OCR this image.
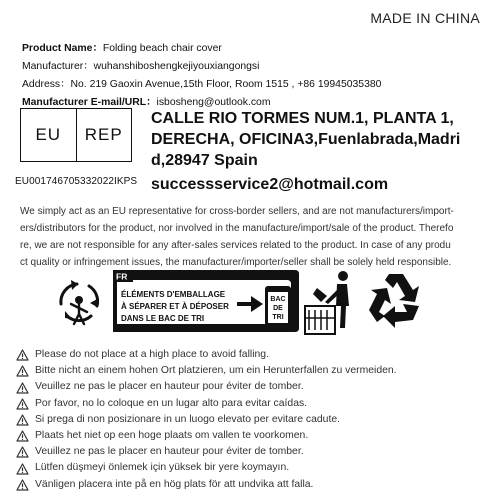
MADE IN CHINA
Product Name：Folding beach chair cover
Manufacturer：wuhanshiboshengkejiyouxiangongsi
Address：No. 219 Gaoxin Avenue,15th Floor, Room 1515 , +86 19945035380
Manufacturer E-mail/URL：isbosheng@outlook.com
EU	REP
EU001746705332022IKPS
CALLE RIO TORMES NUM.1, PLANTA 1,
DERECHA, OFICINA3,Fuenlabrada,Madri
d,28947 Spain
successservice2@hotmail.com
We simply act as an EU representative for cross-border sellers, and are not manufacturers/import-
ers/distributors for the product, nor involved in the manufacture/import/sale of the product. Therefo
re, we are not responsible for any after-sales services related to the product. In case of any produ
ct quality or infringement issues, the manufacturer/importer/seller shall be solely held responsible.
FR
ÉLÉMENTS D'EMBALLAGE
À SÉPARER ET À DÉPOSER
DANS LE BAC DE TRI
BAC
DE
TRI
Please do not place at a high place to avoid falling.
Bitte nicht an einem hohen Ort platzieren, um ein Herunterfallen zu vermeiden.
Veuillez ne pas le placer en hauteur pour éviter de tomber.
Por favor, no lo coloque en un lugar alto para evitar caídas.
Si prega di non posizionare in un luogo elevato per evitare cadute.
Plaats het niet op een hoge plaats om vallen te voorkomen.
Veuillez ne pas le placer en hauteur pour éviter de tomber.
Lütfen düşmeyi önlemek için yüksek bir yere koymayın.
Vänligen placera inte på en hög plats för att undvika att falla.
